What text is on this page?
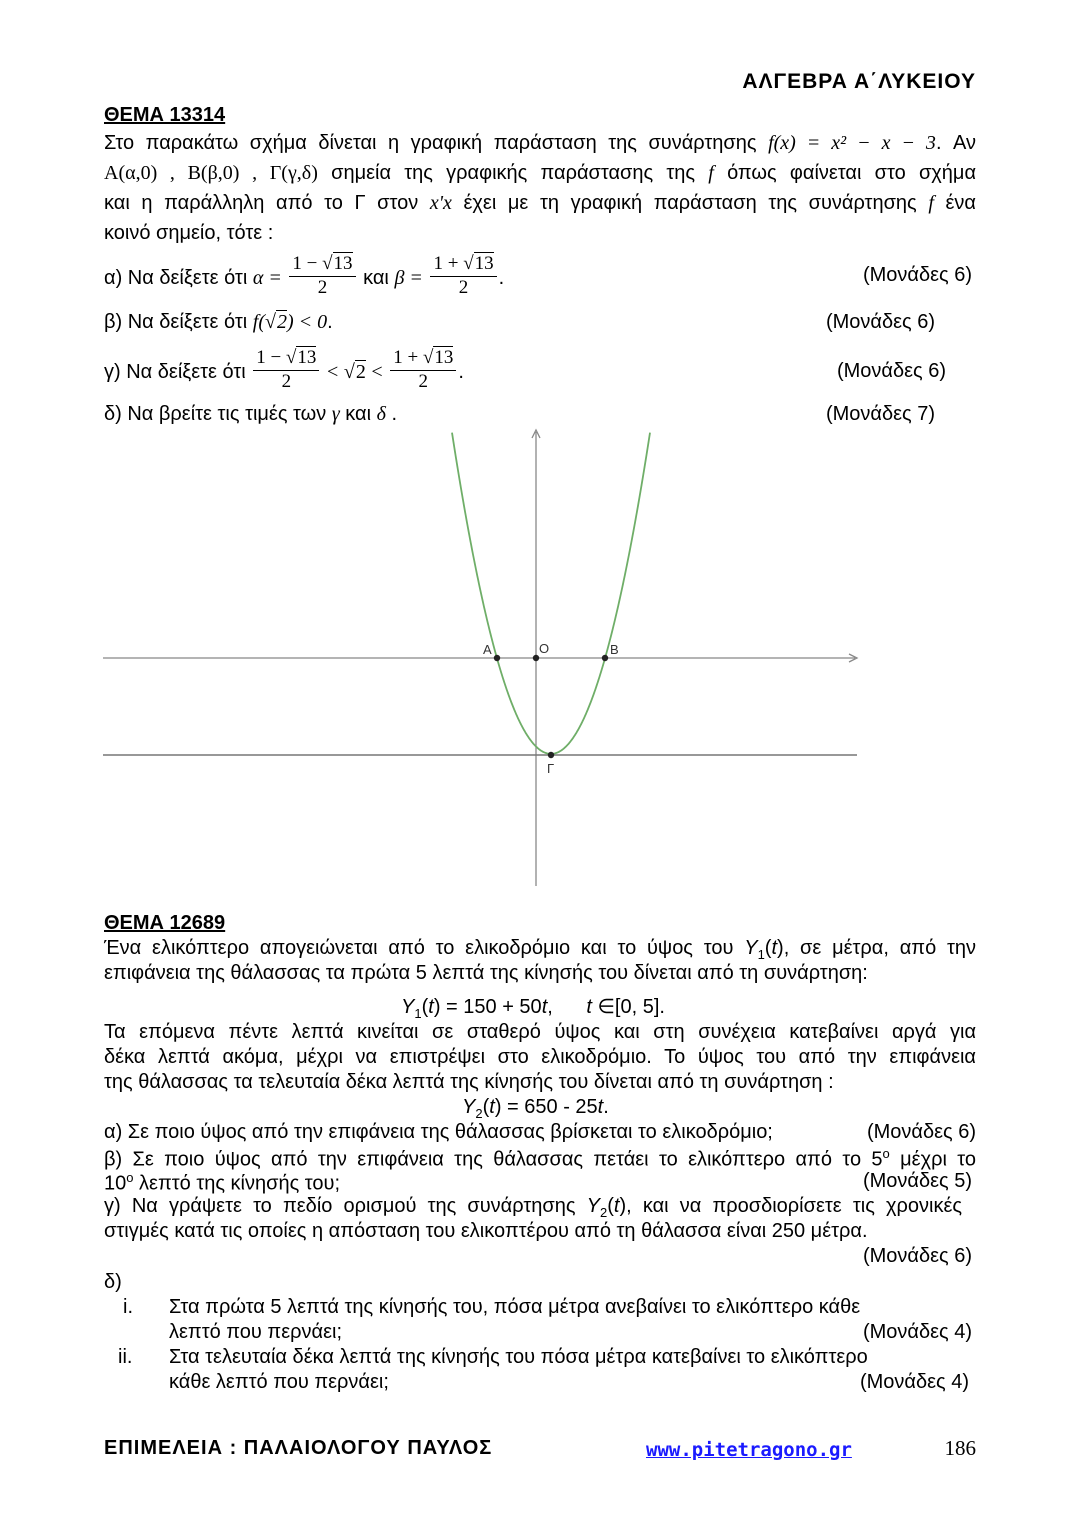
ΑΛΓΕΒΡΑ Α΄ΛΥΚΕΙΟΥ
ΘΕΜΑ 13314
Στο παρακάτω σχήμα δίνεται η γραφική παράσταση της συνάρτησης f(x) = x² − x − 3. Αν
Α(α,0) , Β(β,0) , Γ(γ,δ) σημεία της γραφικής παράστασης της f όπως φαίνεται στο σχήμα
και η παράλληλη από το Γ στον x'x έχει με τη γραφική παράσταση της συνάρτησης f ένα
κοινό σημείο, τότε :
α) Να δείξετε ότι $\alpha = \frac{1 - √13}{2}$ και $\beta = \frac{1 + √13}{2}$ .	(Μονάδες 6)
β) Να δείξετε ότι f(√2) < 0.	(Μονάδες 6)
γ) Να δείξετε ότι $\frac{1 - √13}{2} < √2 < \frac{1 + √13}{2}$ .	(Μονάδες 6)
δ) Να βρείτε τις τιμές των γ και δ .	(Μονάδες 7)
Α	Ο	Β
Γ
ΘΕΜΑ 12689
Ένα ελικόπτερο απογειώνεται από το ελικοδρόμιο και το ύψος του $Y_1(t)$, σε μέτρα, από την
επιφάνεια της θάλασσας τα πρώτα 5 λεπτά της κίνησής του δίνεται από τη συνάρτηση:
$Y_1(t) = 150 + 50t$, t ∈[0, 5].
Τα επόμενα πέντε λεπτά κινείται σε σταθερό ύψος και στη συνέχεια κατεβαίνει αργά για
δέκα λεπτά ακόμα, μέχρι να επιστρέψει στο ελικοδρόμιο. Το ύψος του από την επιφάνεια
της θάλασσας τα τελευταία δέκα λεπτά της κίνησής του δίνεται από τη συνάρτηση :
$Y_2(t) = 650 - 25t$.
α) Σε ποιο ύψος από την επιφάνεια της θάλασσας βρίσκεται το ελικοδρόμιο;	(Μονάδες 6)
β) Σε ποιο ύψος από την επιφάνεια της θάλασσας πετάει το ελικόπτερο από το $5^o$ μέχρι το
$10^o$ λεπτό της κίνησής του;	(Μονάδες 5)
γ) Να γράψετε το πεδίο ορισμού της συνάρτησης $Y_2(t)$, και να προσδιορίσετε τις χρονικές
στιγμές κατά τις οποίες η απόσταση του ελικοπτέρου από τη θάλασσα είναι 250 μέτρα.
(Μονάδες 6)
δ)
i. Στα πρώτα 5 λεπτά της κίνησής του, πόσα μέτρα ανεβαίνει το ελικόπτερο κάθε
λεπτό που περνάει;	(Μονάδες 4)
ii. Στα τελευταία δέκα λεπτά της κίνησής του πόσα μέτρα κατεβαίνει το ελικόπτερο
κάθε λεπτό που περνάει;	(Μονάδες 4)
ΕΠΙΜΕΛΕΙΑ : ΠΑΛΑΙΟΛΟΓΟΥ ΠΑΥΛΟΣ	www.pitetragono.gr	186
